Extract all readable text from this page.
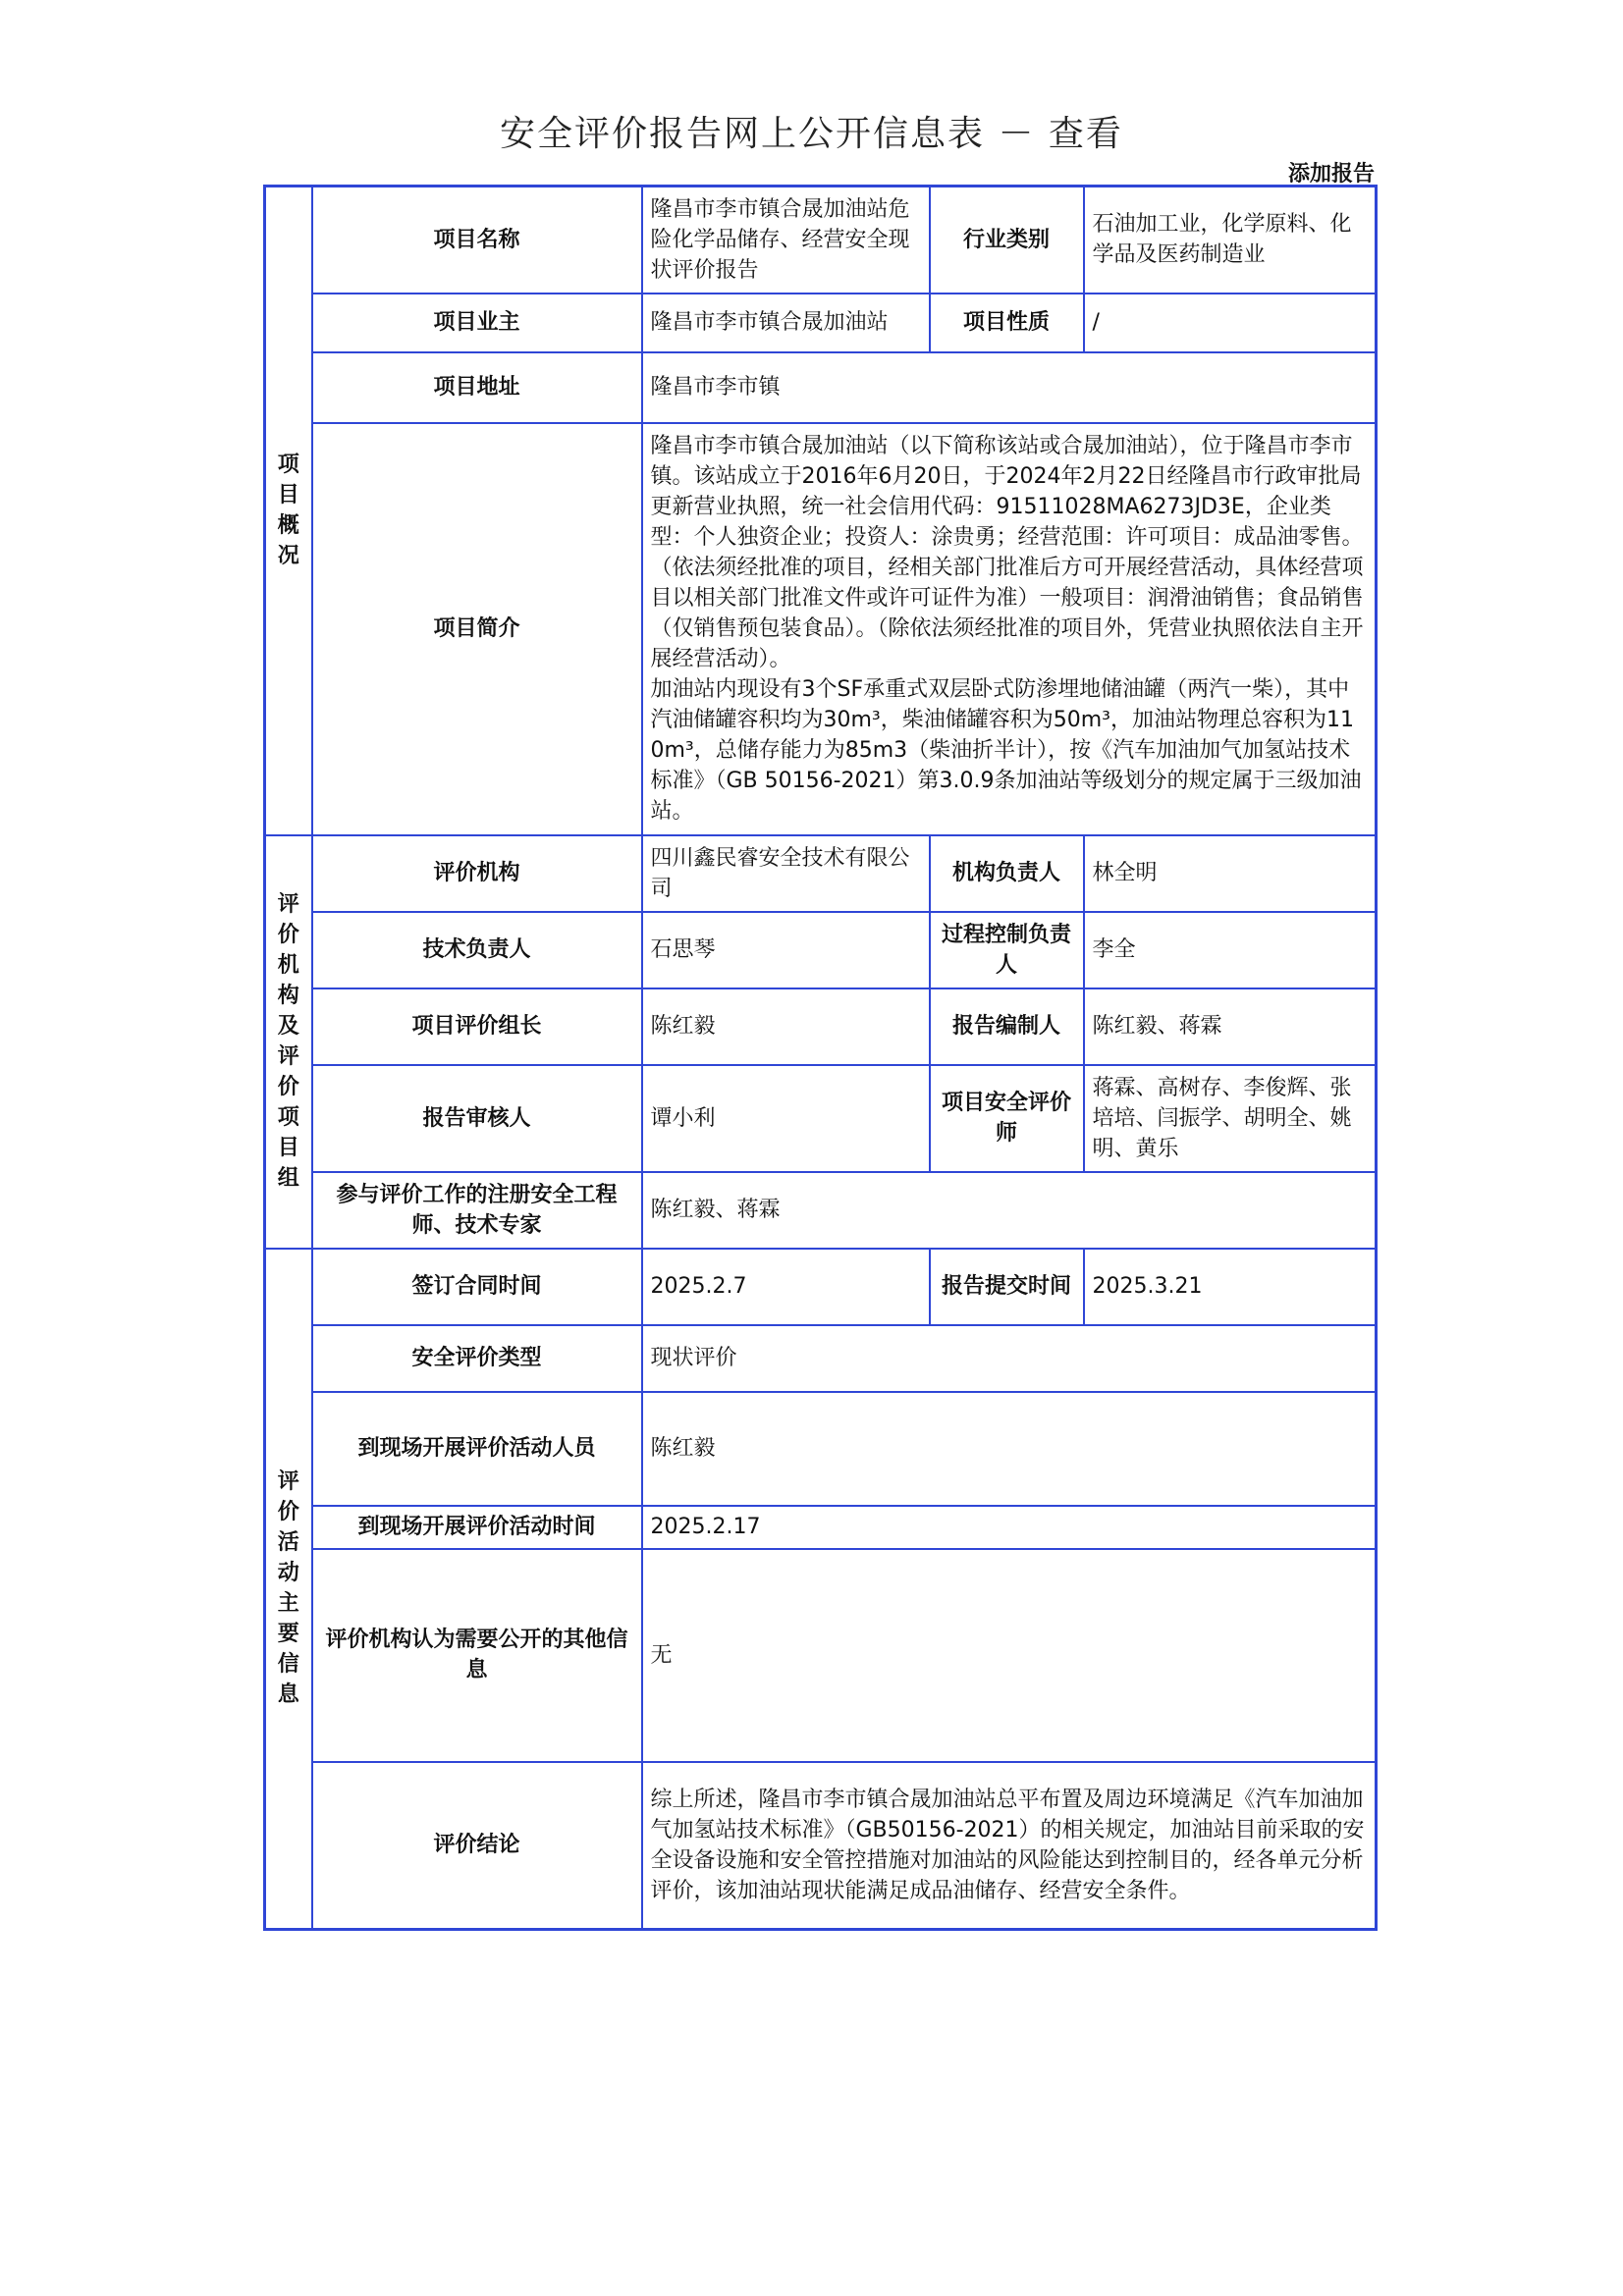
安全评价报告网上公开信息表 － 查看
添加报告
项目概况	项目名称	隆昌市李市镇合晟加油站危险化学品储存、经营安全现状评价报告	行业类别	石油加工业，化学原料、化学品及医药制造业
	项目业主	隆昌市李市镇合晟加油站	项目性质	/
	项目地址	隆昌市李市镇		
	项目简介	隆昌市李市镇合晟加油站（以下简称该站或合晟加油站），位于隆昌市李市镇。该站成立于2016年6月20日，于2024年2月22日经隆昌市行政审批局更新营业执照，统一社会信用代码：91511028MA6273JD3E，企业类型：个人独资企业；投资人：涂贵勇；经营范围：许可项目：成品油零售。（依法须经批准的项目，经相关部门批准后方可开展经营活动，具体经营项目以相关部门批准文件或许可证件为准）一般项目：润滑油销售；食品销售（仅销售预包装食品）。（除依法须经批准的项目外，凭营业执照依法自主开展经营活动）。
加油站内现设有3个SF承重式双层卧式防渗埋地储油罐（两汽一柴），其中汽油储罐容积均为30m³，柴油储罐容积为50m³，加油站物理总容积为110m³，总储存能力为85m3（柴油折半计），按《汽车加油加气加氢站技术标准》（GB 50156-2021）第3.0.9条加油站等级划分的规定属于三级加油站。		
评价机构及评价项目组	评价机构	四川鑫民睿安全技术有限公司	机构负责人	林全明
	技术负责人	石思琴	过程控制负责人	李全
	项目评价组长	陈红毅	报告编制人	陈红毅、蒋霖
	报告审核人	谭小利	项目安全评价师	蒋霖、高树存、李俊辉、张培培、闫振学、胡明全、姚明、黄乐
	参与评价工作的注册安全工程师、技术专家	陈红毅、蒋霖		
评价活动主要信息	签订合同时间	2025.2.7	报告提交时间	2025.3.21
	安全评价类型	现状评价		
	到现场开展评价活动人员	陈红毅		
	到现场开展评价活动时间	2025.2.17		
	评价机构认为需要公开的其他信息	无		
	评价结论	综上所述，隆昌市李市镇合晟加油站总平布置及周边环境满足《汽车加油加气加氢站技术标准》（GB50156-2021）的相关规定，加油站目前采取的安全设备设施和安全管控措施对加油站的风险能达到控制目的，经各单元分析评价，该加油站现状能满足成品油储存、经营安全条件。		
